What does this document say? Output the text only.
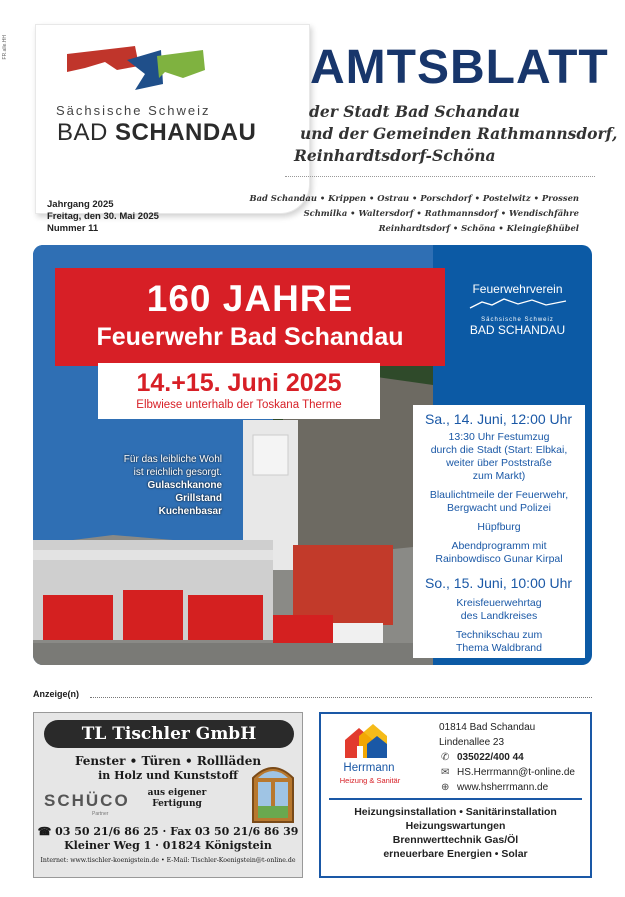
FR.alle.HH
Sächsische Schweiz
BAD SCHANDAU
AMTSBLATT
der Stadt Bad Schandau
und der Gemeinden Rathmannsdorf,
Reinhardtsdorf-Schöna
Jahrgang 2025
Freitag, den 30. Mai 2025
Nummer 11
Bad Schandau • Krippen • Ostrau • Porschdorf • Postelwitz • Prossen
Schmilka • Waltersdorf • Rathmannsdorf • Wendischfähre
Reinhardtsdorf • Schöna • Kleingießhübel
160 JAHRE
Feuerwehr Bad Schandau
14.+15. Juni 2025
Elbwiese unterhalb der Toskana Therme
Für das leibliche Wohl
ist reichlich gesorgt.
Gulaschkanone
Grillstand
Kuchenbasar
Feuerwehrverein
Sächsische Schweiz
BAD SCHANDAU
Sa., 14. Juni, 12:00 Uhr
13:30 Uhr Festumzug
durch die Stadt (Start: Elbkai,
weiter über Poststraße
zum Markt)
Blaulichtmeile der Feuerwehr,
Bergwacht und Polizei
Hüpfburg
Abendprogramm mit
Rainbowdisco Gunar Kirpal
So., 15. Juni, 10:00 Uhr
Kreisfeuerwehrtag
des Landkreises
Technikschau zum
Thema Waldbrand
ID!
Anzeige(n)
TL Tischler GmbH
Fenster • Türen • Rollläden
in Holz und Kunststoff
SCHÜCO
Partner
aus eigener
Fertigung
☎ 03 50 21/6 86 25 · Fax 03 50 21/6 86 39
Kleiner Weg 1 · 01824 Königstein
Internet: www.tischler-koenigstein.de • E-Mail: Tischler-Koenigstein@t-online.de
Herrmann
Heizung & Sanitär
01814 Bad Schandau
Lindenallee 23
✆ 035022/400 44
✉ HS.Herrmann@t-online.de
⊕ www.hsherrmann.de
Heizungsinstallation • Sanitärinstallation
Heizungswartungen
Brennwerttechnik Gas/Öl
erneuerbare Energien • Solar
